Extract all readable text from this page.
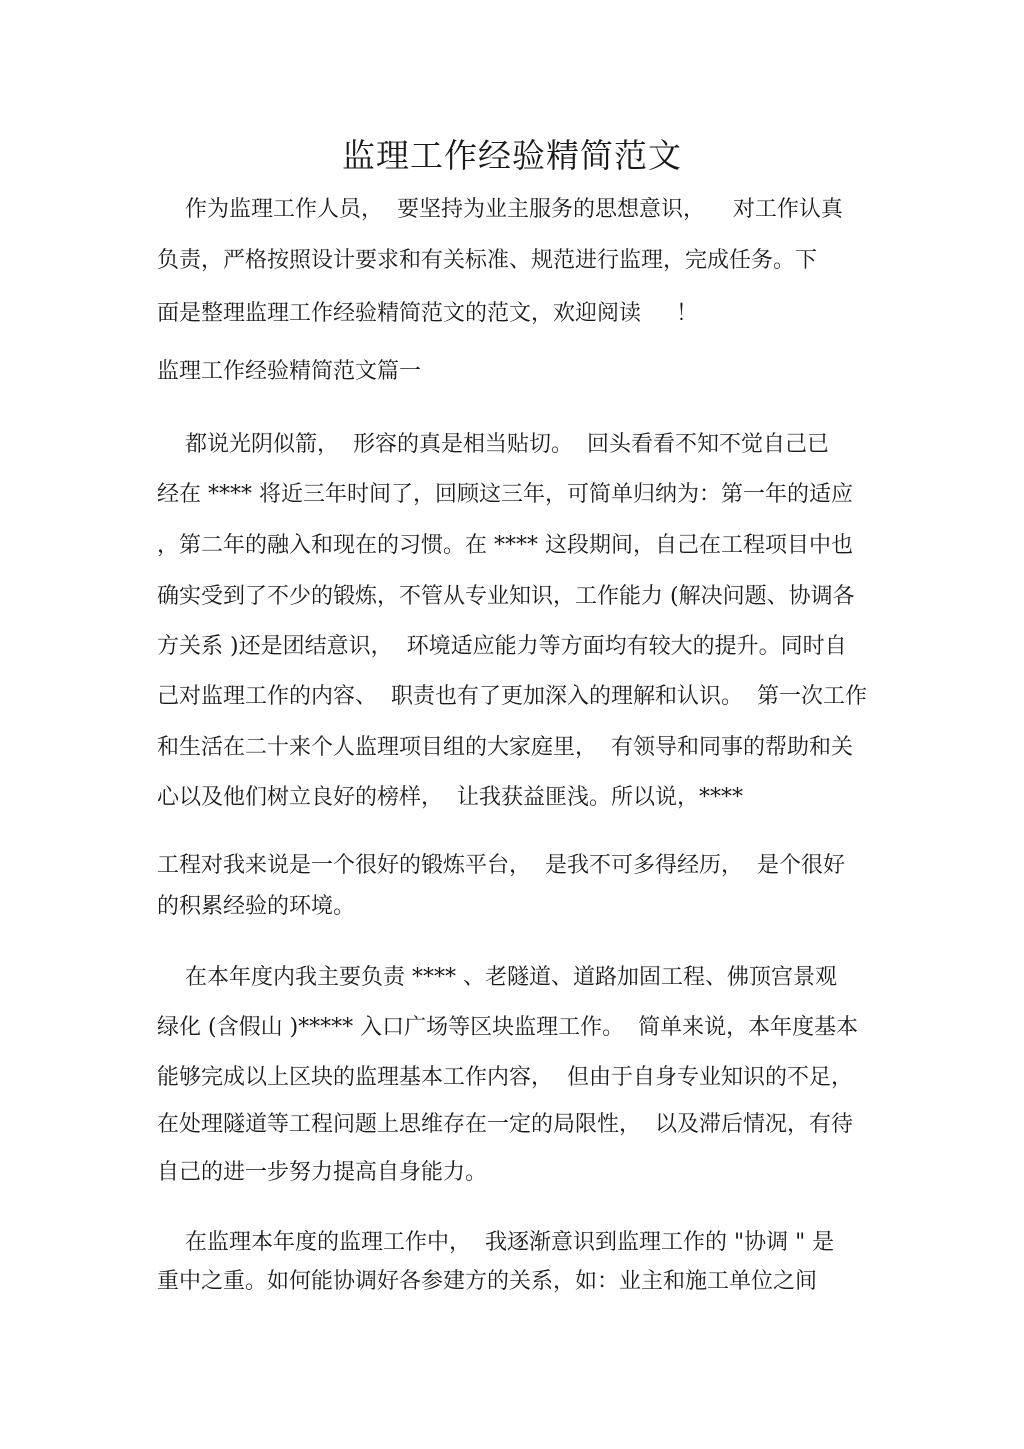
监理工作经验精简范文

作为监理工作人员，  要坚持为业主服务的思想意识，    对工作认真

负责，严格按照设计要求和有关标准、规范进行监理，完成任务。下

面是整理监理工作经验精简范文的范文，欢迎阅读     ！

监理工作经验精简范文篇一

都说光阴似箭，  形容的真是相当贴切。  回头看看不知不觉自己已

经在 **** 将近三年时间了，回顾这三年，可简单归纳为：第一年的适应

，第二年的融入和现在的习惯。在 **** 这段期间，自己在工程项目中也

确实受到了不少的锻炼，不管从专业知识，工作能力 (解决问题、协调各

方关系 )还是团结意识，  环境适应能力等方面均有较大的提升。同时自

己对监理工作的内容、  职责也有了更加深入的理解和认识。  第一次工作

和生活在二十来个人监理项目组的大家庭里，  有领导和同事的帮助和关

心以及他们树立良好的榜样，  让我获益匪浅。所以说，****

工程对我来说是一个很好的锻炼平台，  是我不可多得经历，  是个很好

的积累经验的环境。

在本年度内我主要负责 **** 、老隧道、道路加固工程、佛顶宫景观

绿化 (含假山 )***** 入口广场等区块监理工作。  简单来说，本年度基本

能够完成以上区块的监理基本工作内容，  但由于自身专业知识的不足，

在处理隧道等工程问题上思维存在一定的局限性，  以及滞后情况，有待

自己的进一步努力提高自身能力。

在监理本年度的监理工作中，  我逐渐意识到监理工作的 "协调 " 是

重中之重。如何能协调好各参建方的关系，如：业主和施工单位之间
